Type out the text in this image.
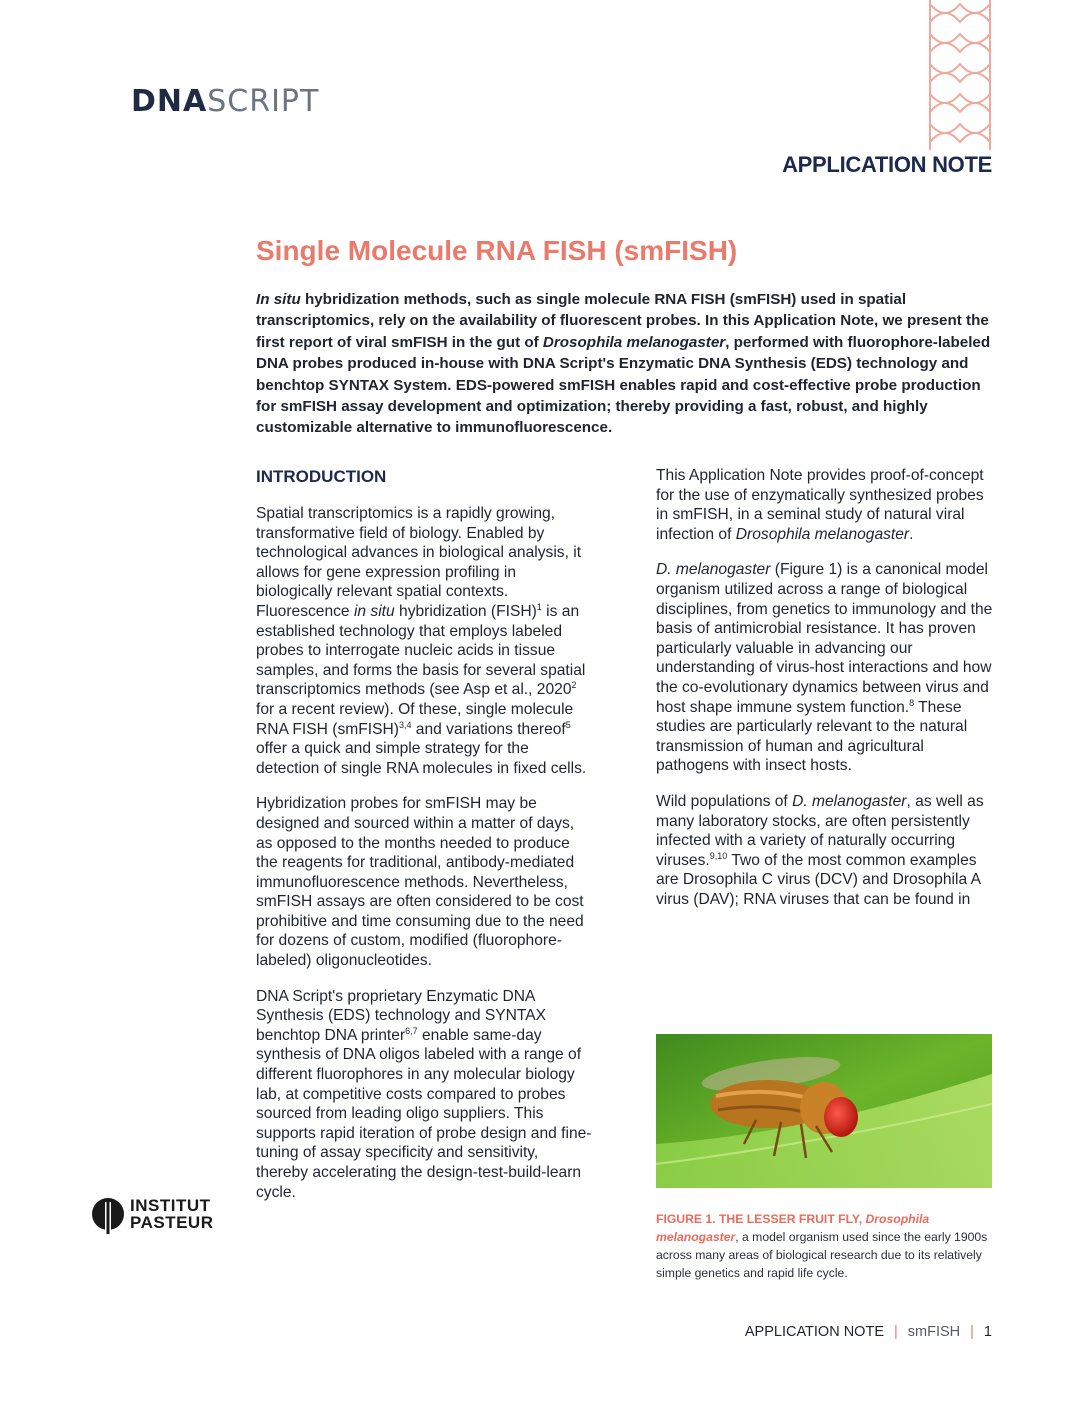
DNASCRIPT
APPLICATION NOTE
Single Molecule RNA FISH (smFISH)
In situ hybridization methods, such as single molecule RNA FISH (smFISH) used in spatial transcriptomics, rely on the availability of fluorescent probes. In this Application Note, we present the first report of viral smFISH in the gut of Drosophila melanogaster, performed with fluorophore-labeled DNA probes produced in-house with DNA Script's Enzymatic DNA Synthesis (EDS) technology and benchtop SYNTAX System. EDS-powered smFISH enables rapid and cost-effective probe production for smFISH assay development and optimization; thereby providing a fast, robust, and highly customizable alternative to immunofluorescence.
INTRODUCTION

Spatial transcriptomics is a rapidly growing, transformative field of biology. Enabled by technological advances in biological analysis, it allows for gene expression profiling in biologically relevant spatial contexts. Fluorescence in situ hybridization (FISH)$^1$ is an established technology that employs labeled probes to interrogate nucleic acids in tissue samples, and forms the basis for several spatial transcriptomics methods (see Asp et al., 2020$^2$ for a recent review). Of these, single molecule RNA FISH (smFISH)$^{3,4}$ and variations thereof$^5$ offer a quick and simple strategy for the detection of single RNA molecules in fixed cells.

Hybridization probes for smFISH may be designed and sourced within a matter of days, as opposed to the months needed to produce the reagents for traditional, antibody-mediated immunofluorescence methods. Nevertheless, smFISH assays are often considered to be cost prohibitive and time consuming due to the need for dozens of custom, modified (fluorophore-labeled) oligonucleotides.

DNA Script's proprietary Enzymatic DNA Synthesis (EDS) technology and SYNTAX benchtop DNA printer$^{6,7}$ enable same-day synthesis of DNA oligos labeled with a range of different fluorophores in any molecular biology lab, at competitive costs compared to probes sourced from leading oligo suppliers. This supports rapid iteration of probe design and fine-tuning of assay specificity and sensitivity, thereby accelerating the design-test-build-learn cycle.

This Application Note provides proof-of-concept for the use of enzymatically synthesized probes in smFISH, in a seminal study of natural viral infection of Drosophila melanogaster.

D. melanogaster (Figure 1) is a canonical model organism utilized across a range of biological disciplines, from genetics to immunology and the basis of antimicrobial resistance. It has proven particularly valuable in advancing our understanding of virus-host interactions and how the co-evolutionary dynamics between virus and host shape immune system function.$^8$ These studies are particularly relevant to the natural transmission of human and agricultural pathogens with insect hosts.

Wild populations of D. melanogaster, as well as many laboratory stocks, are often persistently infected with a variety of naturally occurring viruses.$^{9,10}$ Two of the most common examples are Drosophila C virus (DCV) and Drosophila A virus (DAV); RNA viruses that can be found in

FIGURE 1. THE LESSER FRUIT FLY, Drosophila melanogaster, a model organism used since the early 1900s across many areas of biological research due to its relatively simple genetics and rapid life cycle.
INSTITUT
PASTEUR
APPLICATION NOTE | smFISH | 1
